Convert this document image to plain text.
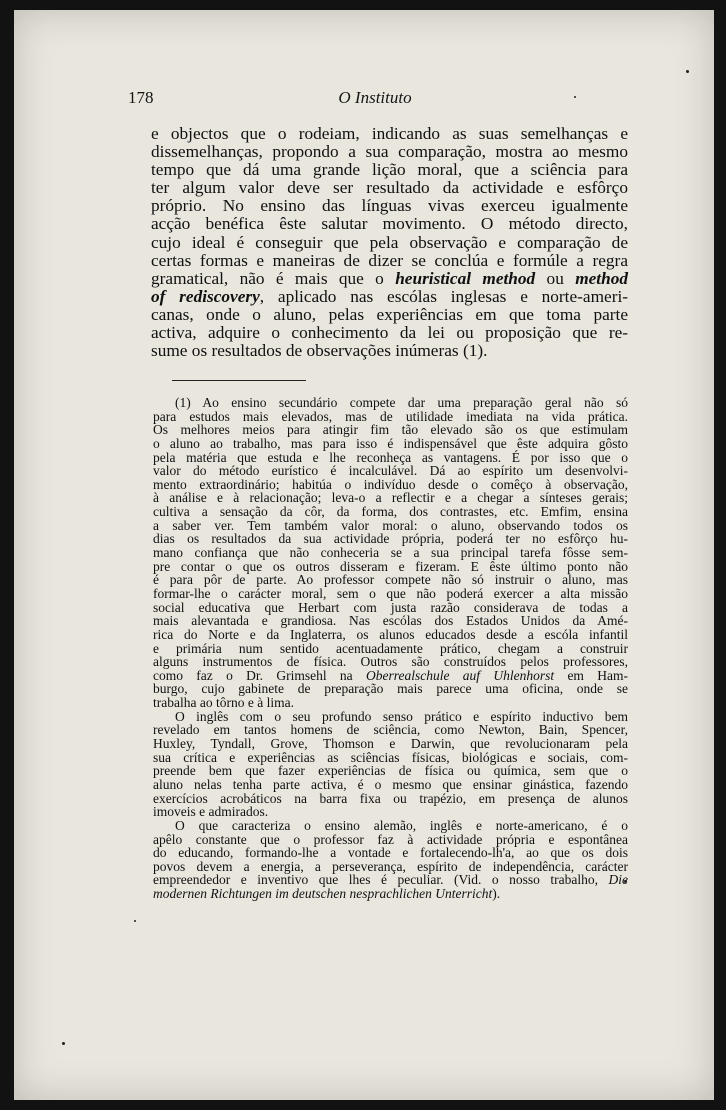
178	O Instituto
e objectos que o rodeiam, indicando as suas semelhanças e
dissemelhanças, propondo a sua comparação, mostra ao mesmo
tempo que dá uma grande lição moral, que a sciência para
ter algum valor deve ser resultado da actividade e esfôrço
próprio. No ensino das línguas vivas exerceu igualmente
acção benéfica êste salutar movimento. O método directo,
cujo ideal é conseguir que pela observação e comparação de
certas formas e maneiras de dizer se conclúa e formúle a regra
gramatical, não é mais que o heuristical method ou method
of rediscovery, aplicado nas escólas inglesas e norte-ameri-
canas, onde o aluno, pelas experiências em que toma parte
activa, adquire o conhecimento da lei ou proposição que re-
sume os resultados de observações inúmeras (1).
(1) Ao ensino secundário compete dar uma preparação geral não só
para estudos mais elevados, mas de utilidade imediata na vida prática.
Os melhores meios para atingir fim tão elevado são os que estimulam
o aluno ao trabalho, mas para isso é indispensável que êste adquira gôsto
pela matéria que estuda e lhe reconheça as vantagens. É por isso que o
valor do método eurístico é incalculável. Dá ao espírito um desenvolvi-
mento extraordinário; habitúa o indivíduo desde o comêço à observação,
à análise e à relacionação; leva-o a reflectir e a chegar a sínteses gerais;
cultiva a sensação da côr, da forma, dos contrastes, etc. Emfim, ensina
a saber ver. Tem também valor moral: o aluno, observando todos os
dias os resultados da sua actividade própria, poderá ter no esfôrço hu-
mano confiança que não conheceria se a sua principal tarefa fôsse sem-
pre contar o que os outros disseram e fizeram. E êste último ponto não
é para pôr de parte. Ao professor compete não só instruir o aluno, mas
formar-lhe o carácter moral, sem o que não poderá exercer a alta missão
social educativa que Herbart com justa razão considerava de todas a
mais alevantada e grandiosa. Nas escólas dos Estados Unidos da Amé-
rica do Norte e da Inglaterra, os alunos educados desde a escóla infantil
e primária num sentido acentuadamente prático, chegam a construir
alguns instrumentos de física. Outros são construídos pelos professores,
como faz o Dr. Grimsehl na Oberrealschule auf Uhlenhorst em Ham-
burgo, cujo gabinete de preparação mais parece uma oficina, onde se
trabalha ao tôrno e à lima.
O inglês com o seu profundo senso prático e espírito inductivo bem
revelado em tantos homens de sciência, como Newton, Bain, Spencer,
Huxley, Tyndall, Grove, Thomson e Darwin, que revolucionaram pela
sua crítica e experiências as sciências físicas, biológicas e sociais, com-
preende bem que fazer experiências de física ou química, sem que o
aluno nelas tenha parte activa, é o mesmo que ensinar ginástica, fazendo
exercícios acrobáticos na barra fixa ou trapézio, em presença de alunos
imoveis e admirados.
O que caracteriza o ensino alemão, inglês e norte-americano, é o
apêlo constante que o professor faz à actividade própria e espontânea
do educando, formando-lhe a vontade e fortalecendo-lh'a, ao que os dois
povos devem a energia, a perseverança, espírito de independência, carácter
empreendedor e inventivo que lhes é peculiar. (Vid. o nosso trabalho, Die
modernen Richtungen im deutschen nesprachlichen Unterricht).
